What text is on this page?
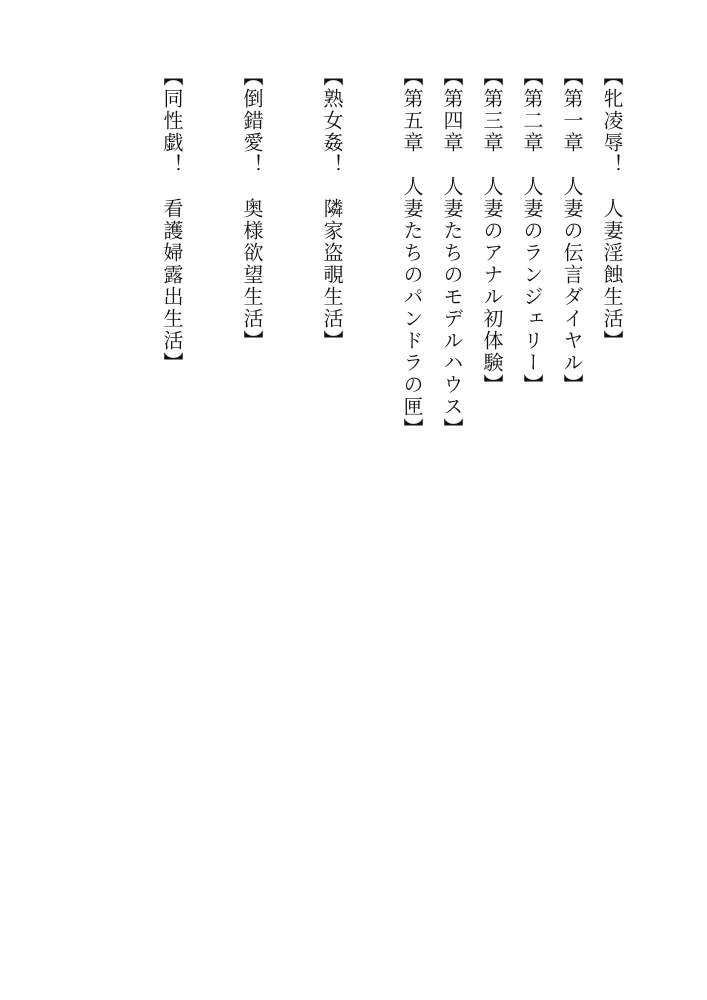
【牝凌辱！　人妻淫蝕生活】

【第一章　人妻の伝言ダイヤル】

【第二章　人妻のランジェリー】

【第三章　人妻のアナル初体験】

【第四章　人妻たちのモデルハウス】

【第五章　人妻たちのパンドラの匣】

【熟女姦！　隣家盗覗生活】

【倒錯愛！　奥様欲望生活】

【同性戯！　看護婦露出生活】
